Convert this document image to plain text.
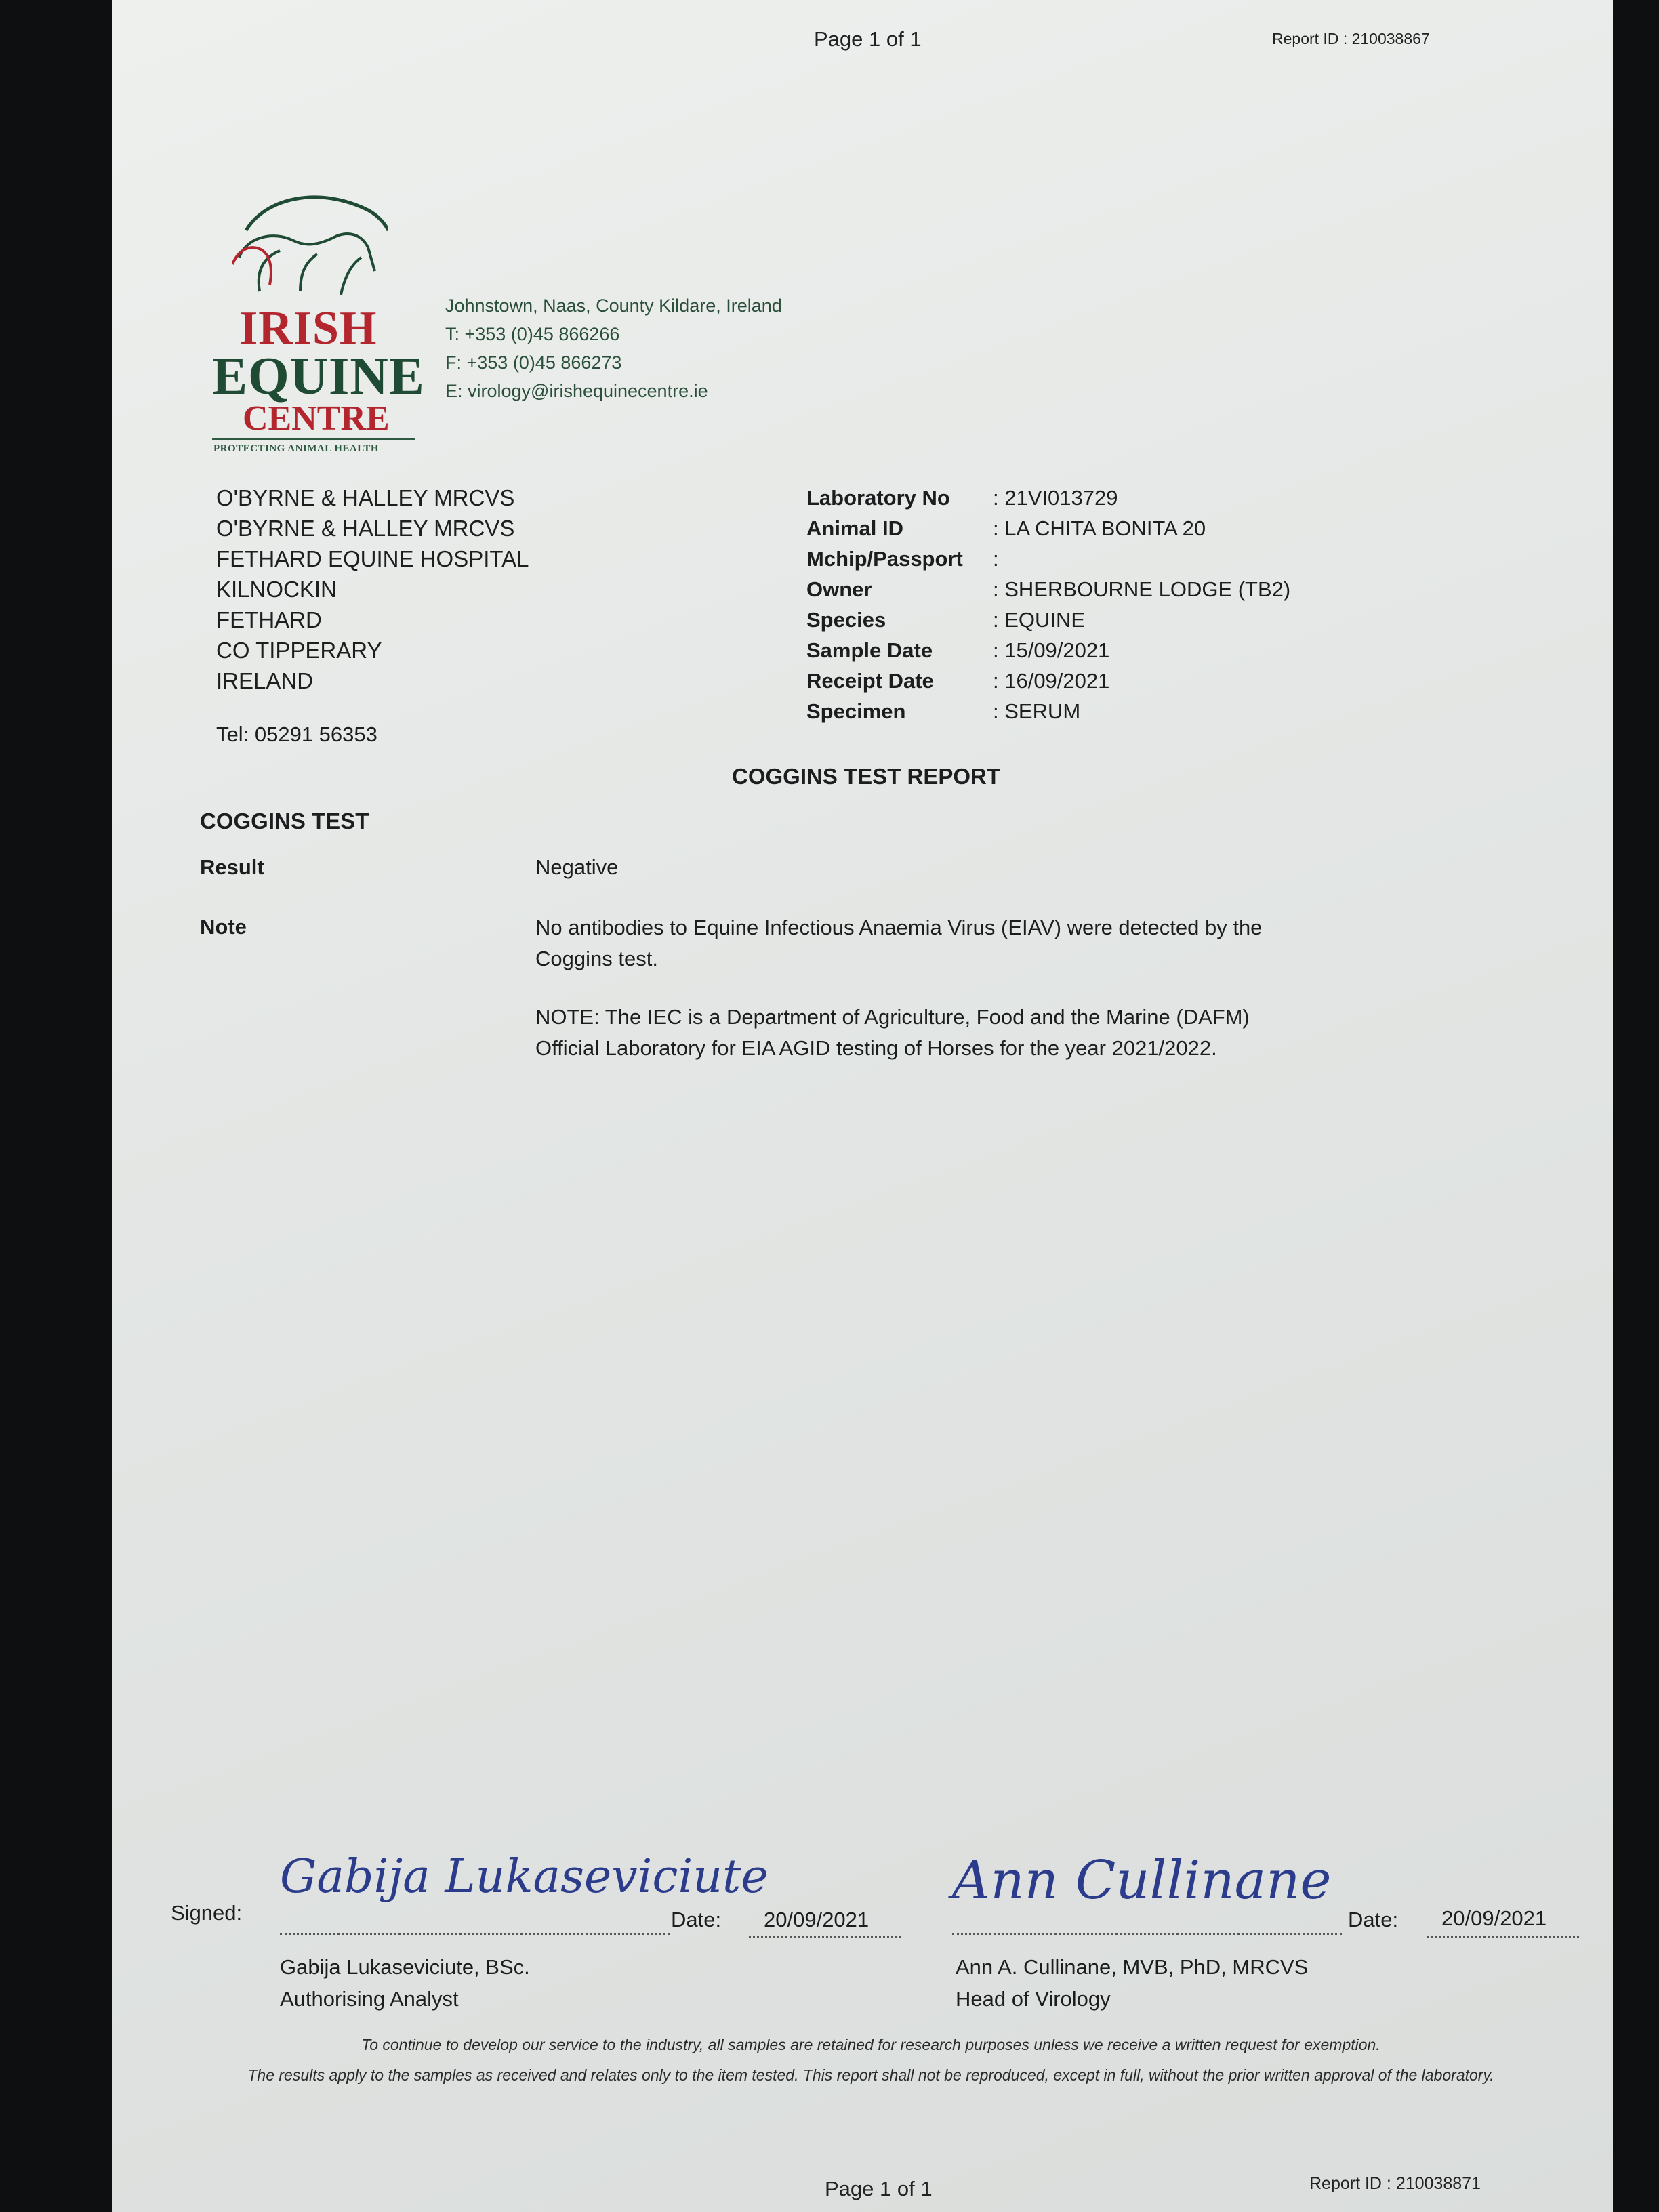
Page 1 of 1	Report ID : 210038867
IRISH
EQUINE
CENTRE
PROTECTING ANIMAL HEALTH
Johnstown, Naas, County Kildare, Ireland
T: +353 (0)45 866266
F: +353 (0)45 866273
E: virology@irishequinecentre.ie
O'BYRNE & HALLEY MRCVS
O'BYRNE & HALLEY MRCVS
FETHARD EQUINE HOSPITAL
KILNOCKIN
FETHARD
CO TIPPERARY
IRELAND
Tel: 05291 56353
Laboratory No	: 21VI013729
Animal ID	: LA CHITA BONITA 20
Mchip/Passport	:
Owner	: SHERBOURNE LODGE (TB2)
Species	: EQUINE
Sample Date	: 15/09/2021
Receipt Date	: 16/09/2021
Specimen	: SERUM
COGGINS TEST REPORT
COGGINS TEST
Result	Negative
Note	No antibodies to Equine Infectious Anaemia Virus (EIAV) were detected by the Coggins test.
NOTE: The IEC is a Department of Agriculture, Food and the Marine (DAFM) Official Laboratory for EIA AGID testing of Horses for the year 2021/2022.
Signed:
Gabija Lukaseviciute
Date: 20/09/2021
Ann Cullinane
Date: 20/09/2021
Gabija Lukaseviciute, BSc.
Authorising Analyst
Ann A. Cullinane, MVB, PhD, MRCVS
Head of Virology
To continue to develop our service to the industry, all samples are retained for research purposes unless we receive a written request for exemption.
The results apply to the samples as received and relates only to the item tested. This report shall not be reproduced, except in full, without the prior written approval of the laboratory.
Page 1 of 1	Report ID : 210038871
